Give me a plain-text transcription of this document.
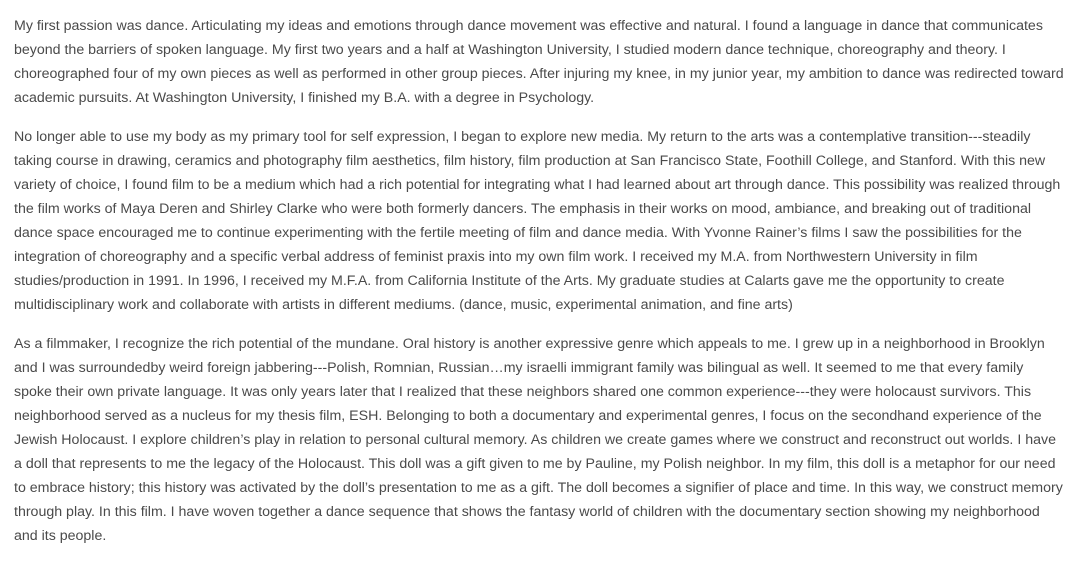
My first passion was dance. Articulating my ideas and emotions through dance movement was effective and natural. I found a language in dance that communicates beyond the barriers of spoken language. My first two years and a half at Washington University, I studied modern dance technique, choreography and theory. I choreographed four of my own pieces as well as performed in other group pieces. After injuring my knee, in my junior year, my ambition to dance was redirected toward academic pursuits. At Washington University, I finished my B.A. with a degree in Psychology.

No longer able to use my body as my primary tool for self expression, I began to explore new media. My return to the arts was a contemplative transition---steadily taking course in drawing, ceramics and photography film aesthetics, film history, film production at San Francisco State, Foothill College, and Stanford. With this new variety of choice, I found film to be a medium which had a rich potential for integrating what I had learned about art through dance. This possibility was realized through the film works of Maya Deren and Shirley Clarke who were both formerly dancers. The emphasis in their works on mood, ambiance, and breaking out of traditional dance space encouraged me to continue experimenting with the fertile meeting of film and dance media. With Yvonne Rainer’s films I saw the possibilities for the integration of choreography and a specific verbal address of feminist praxis into my own film work. I received my M.A. from Northwestern University in film studies/production in 1991. In 1996, I received my M.F.A. from California Institute of the Arts. My graduate studies at Calarts gave me the opportunity to create multidisciplinary work and collaborate with artists in different mediums. (dance, music, experimental animation, and fine arts)

As a filmmaker, I recognize the rich potential of the mundane. Oral history is another expressive genre which appeals to me. I grew up in a neighborhood in Brooklyn and I was surroundedby weird foreign jabbering---Polish, Romnian, Russian…my israelli immigrant family was bilingual as well. It seemed to me that every family spoke their own private language. It was only years later that I realized that these neighbors shared one common experience---they were holocaust survivors. This neighborhood served as a nucleus for my thesis film, ESH. Belonging to both a documentary and experimental genres, I focus on the secondhand experience of the Jewish Holocaust. I explore children’s play in relation to personal cultural memory. As children we create games where we construct and reconstruct out worlds. I have a doll that represents to me the legacy of the Holocaust. This doll was a gift given to me by Pauline, my Polish neighbor. In my film, this doll is a metaphor for our need to embrace history; this history was activated by the doll’s presentation to me as a gift. The doll becomes a signifier of place and time. In this way, we construct memory through play. In this film. I have woven together a dance sequence that shows the fantasy world of children with the documentary section showing my neighborhood and its people.
